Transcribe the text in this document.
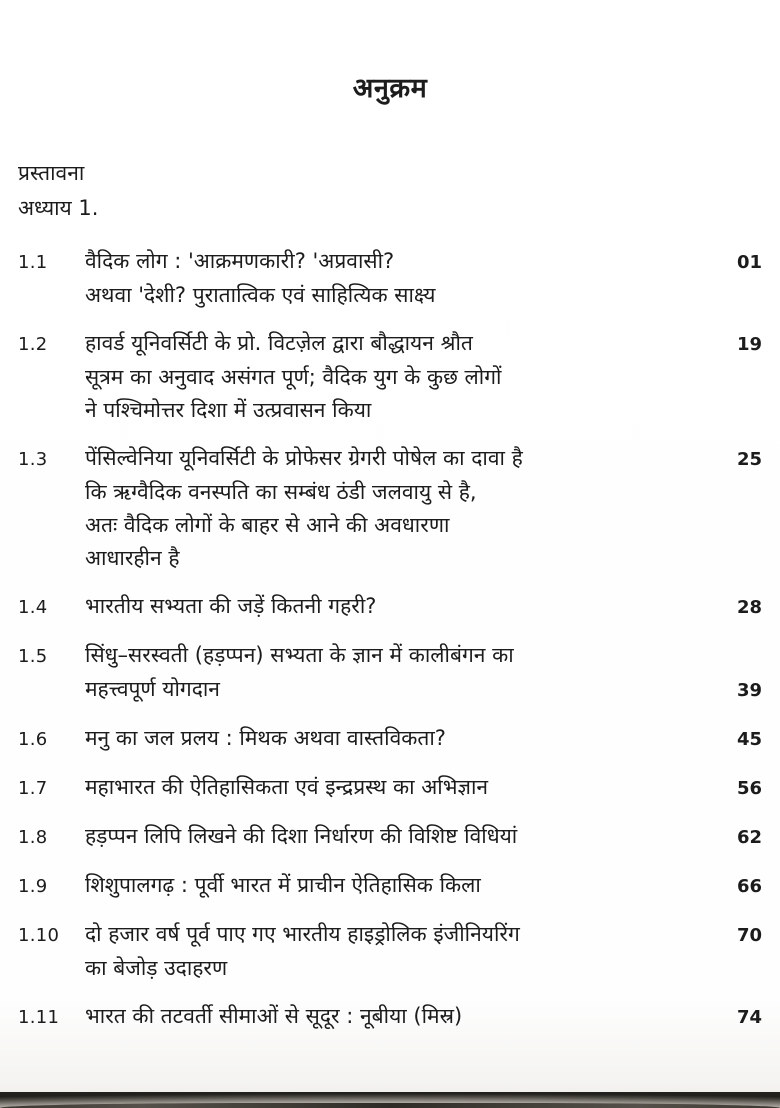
अनुक्रम
प्रस्तावना
अध्याय 1.
1.1	वैदिक लोग : 'आक्रमणकारी? 'अप्रवासी?	01
अथवा 'देशी? पुरातात्विक एवं साहित्यिक साक्ष्य
1.2	हावर्ड यूनिवर्सिटी के प्रो. विटज़ेल द्वारा बौद्धायन श्रौत	19
सूत्रम का अनुवाद असंगत पूर्ण; वैदिक युग के कुछ लोगों
ने पश्चिमोत्तर दिशा में उत्प्रवासन किया
1.3	पेंसिल्वेनिया यूनिवर्सिटी के प्रोफेसर ग्रेगरी पोषेल का दावा है	25
कि ऋग्वैदिक वनस्पति का सम्बंध ठंडी जलवायु से है,
अतः वैदिक लोगों के बाहर से आने की अवधारणा
आधारहीन है
1.4	भारतीय सभ्यता की जड़ें कितनी गहरी?	28
1.5	सिंधु–सरस्वती (हड़प्पन) सभ्यता के ज्ञान में कालीबंगन का
महत्त्वपूर्ण योगदान	39
1.6	मनु का जल प्रलय : मिथक अथवा वास्तविकता?	45
1.7	महाभारत की ऐतिहासिकता एवं इन्द्रप्रस्थ का अभिज्ञान	56
1.8	हड़प्पन लिपि लिखने की दिशा निर्धारण की विशिष्ट विधियां	62
1.9	शिशुपालगढ़ : पूर्वी भारत में प्राचीन ऐतिहासिक किला	66
1.10	दो हजार वर्ष पूर्व पाए गए भारतीय हाइड्रोलिक इंजीनियरिंग	70
का बेजोड़ उदाहरण
1.11	भारत की तटवर्ती सीमाओं से सूदूर : नूबीया (मिस्र)	74
